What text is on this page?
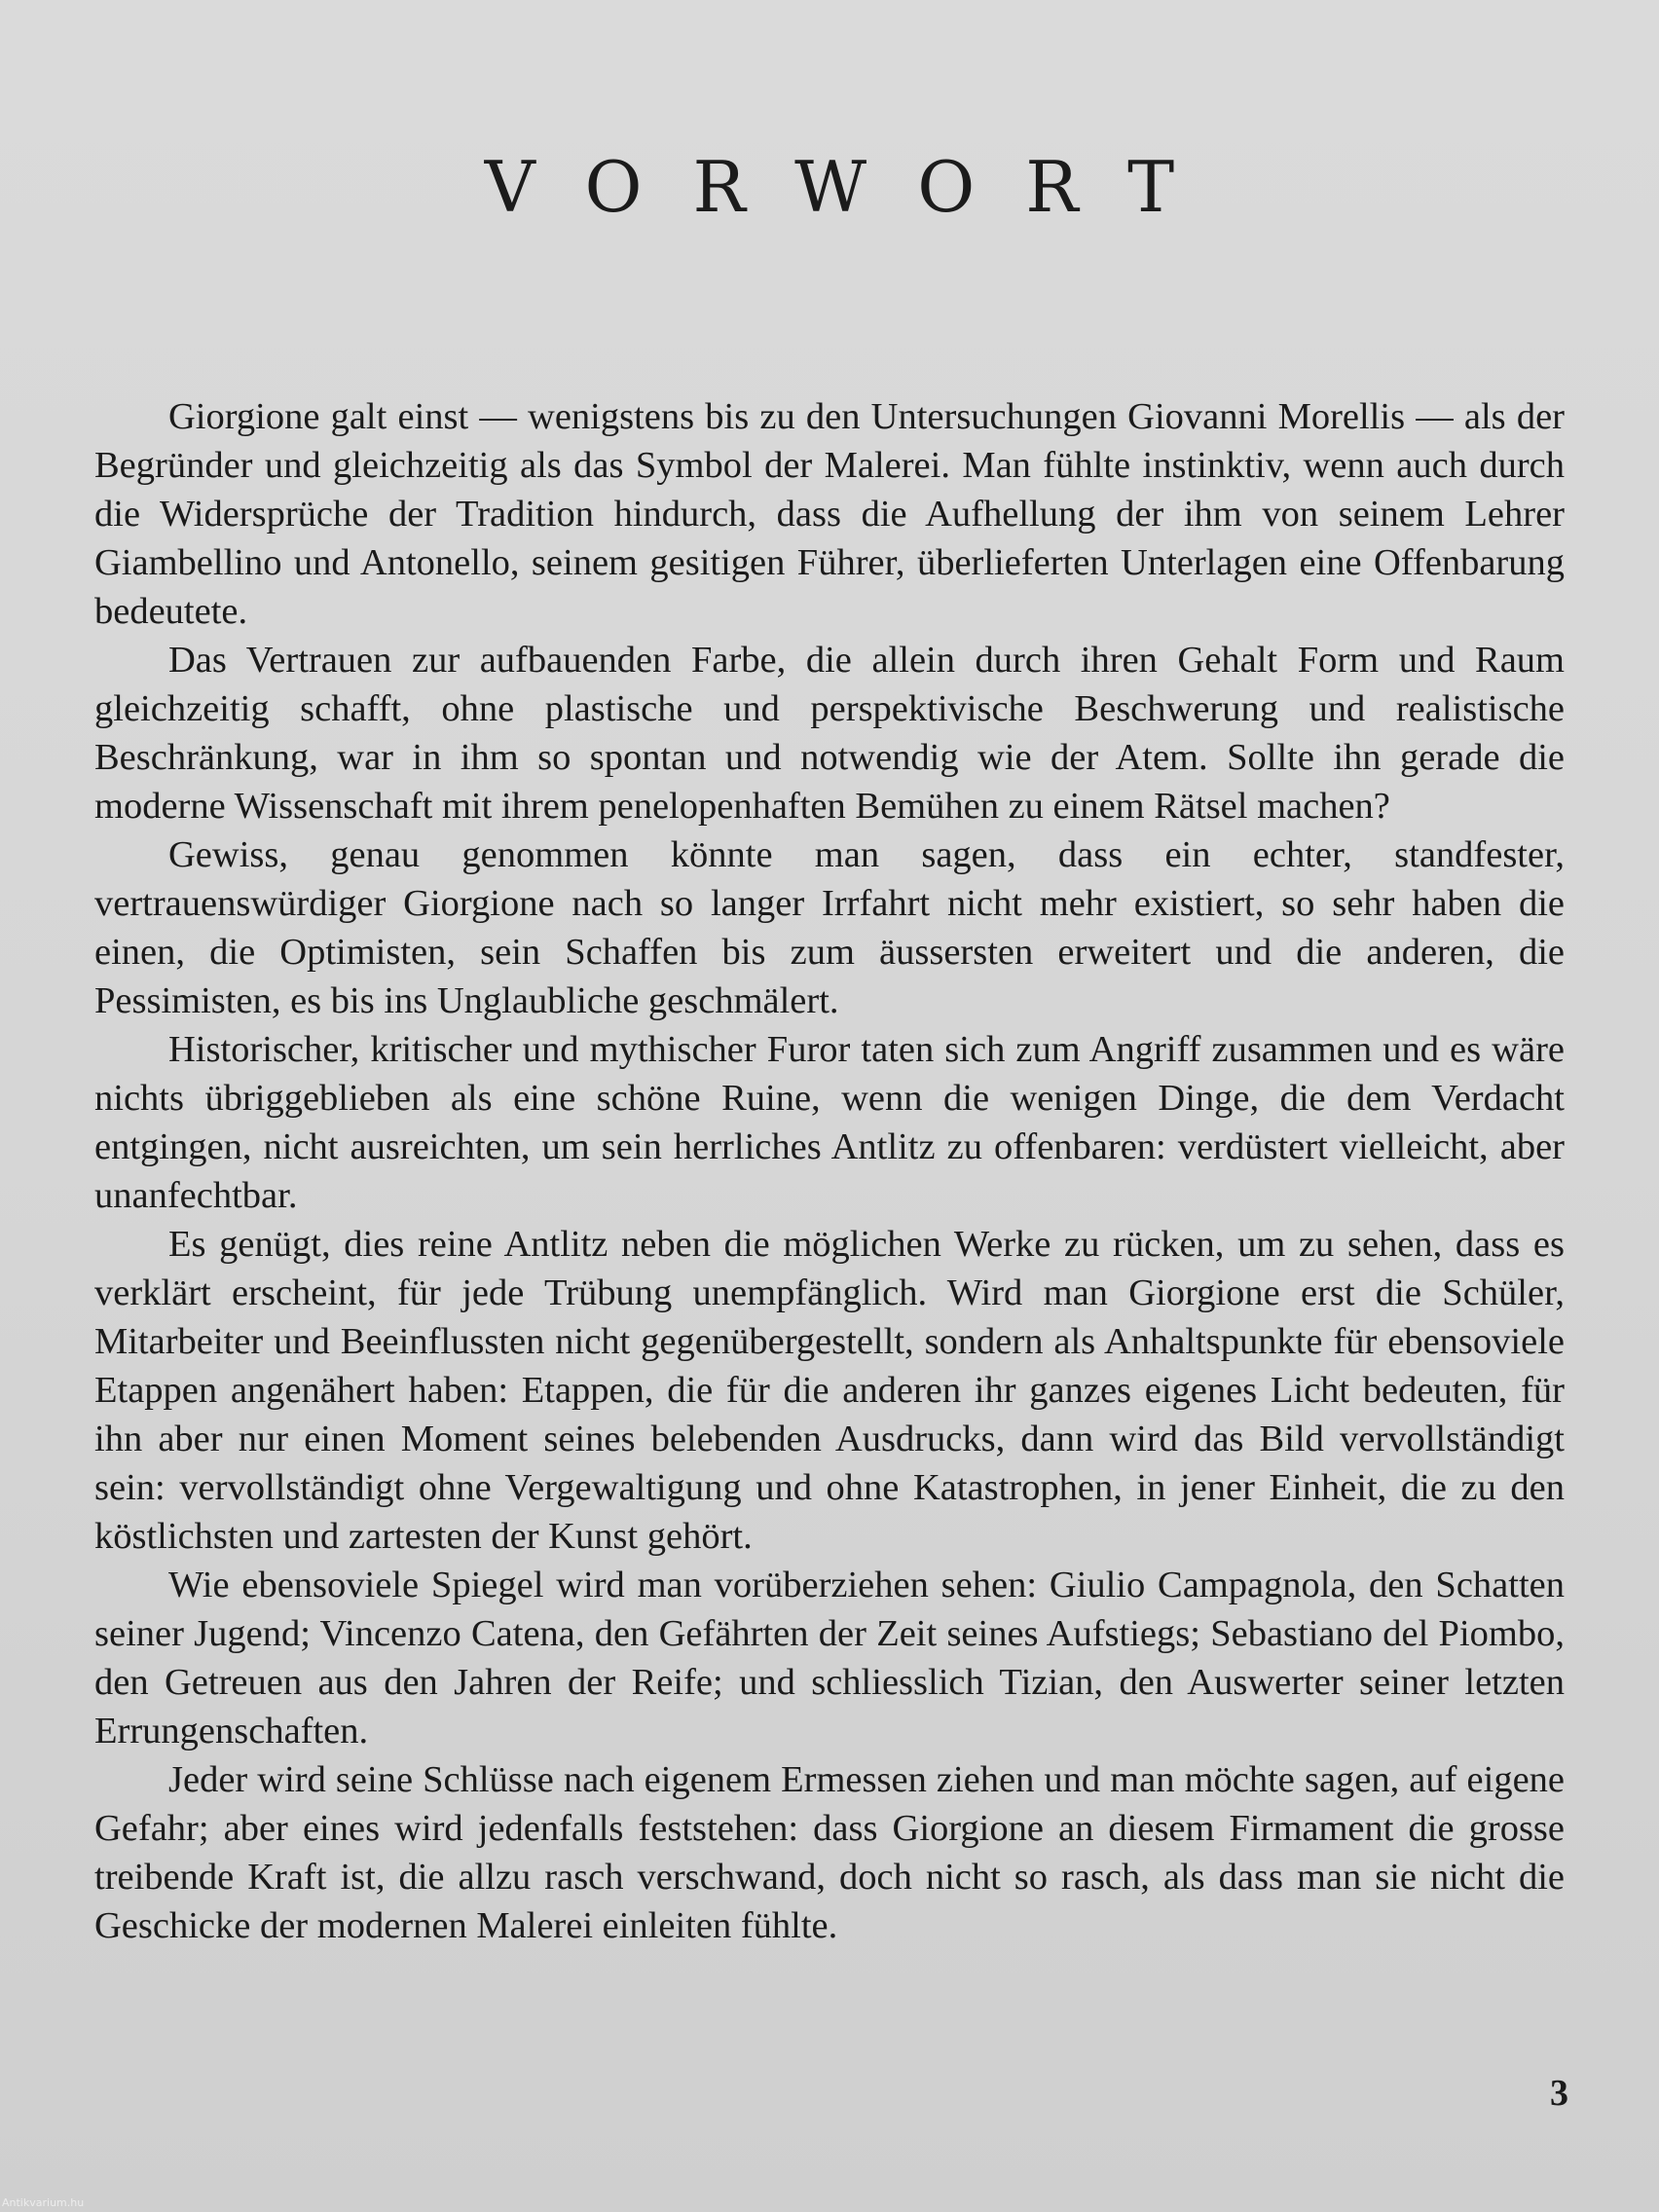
VORWORT

Giorgione galt einst — wenigstens bis zu den Untersuchungen Giovanni Morellis — als der Begründer und gleichzeitig als das Symbol der Malerei. Man fühlte instinktiv, wenn auch durch die Widersprüche der Tradition hindurch, dass die Aufhellung der ihm von seinem Lehrer Giambellino und Antonello, seinem gesitigen Führer, überlieferten Unterlagen eine Offenbarung bedeutete.

Das Vertrauen zur aufbauenden Farbe, die allein durch ihren Gehalt Form und Raum gleichzeitig schafft, ohne plastische und perspektivische Beschwerung und realistische Beschränkung, war in ihm so spontan und notwendig wie der Atem. Sollte ihn gerade die moderne Wissenschaft mit ihrem penelopenhaften Bemühen zu einem Rätsel machen?

Gewiss, genau genommen könnte man sagen, dass ein echter, standfester, vertrauenswürdiger Giorgione nach so langer Irrfahrt nicht mehr existiert, so sehr haben die einen, die Optimisten, sein Schaffen bis zum äussersten erweitert und die anderen, die Pessimisten, es bis ins Unglaubliche geschmälert.

Historischer, kritischer und mythischer Furor taten sich zum Angriff zusammen und es wäre nichts übriggeblieben als eine schöne Ruine, wenn die wenigen Dinge, die dem Verdacht entgingen, nicht ausreichten, um sein herrliches Antlitz zu offenbaren: verdüstert vielleicht, aber unanfechtbar.

Es genügt, dies reine Antlitz neben die möglichen Werke zu rücken, um zu sehen, dass es verklärt erscheint, für jede Trübung unempfänglich. Wird man Giorgione erst die Schüler, Mitarbeiter und Beeinflussten nicht gegenübergestellt, sondern als Anhaltspunkte für ebensoviele Etappen angenähert haben: Etappen, die für die anderen ihr ganzes eigenes Licht bedeuten, für ihn aber nur einen Moment seines belebenden Ausdrucks, dann wird das Bild vervollständigt sein: vervollständigt ohne Vergewaltigung und ohne Katastrophen, in jener Einheit, die zu den köstlichsten und zartesten der Kunst gehört.

Wie ebensoviele Spiegel wird man vorüberziehen sehen: Giulio Campagnola, den Schatten seiner Jugend; Vincenzo Catena, den Gefährten der Zeit seines Aufstiegs; Sebastiano del Piombo, den Getreuen aus den Jahren der Reife; und schliesslich Tizian, den Auswerter seiner letzten Errungenschaften.

Jeder wird seine Schlüsse nach eigenem Ermessen ziehen und man möchte sagen, auf eigene Gefahr; aber eines wird jedenfalls feststehen: dass Giorgione an diesem Firmament die grosse treibende Kraft ist, die allzu rasch verschwand, doch nicht so rasch, als dass man sie nicht die Geschicke der modernen Malerei einleiten fühlte.

3
Antikvarium.hu
